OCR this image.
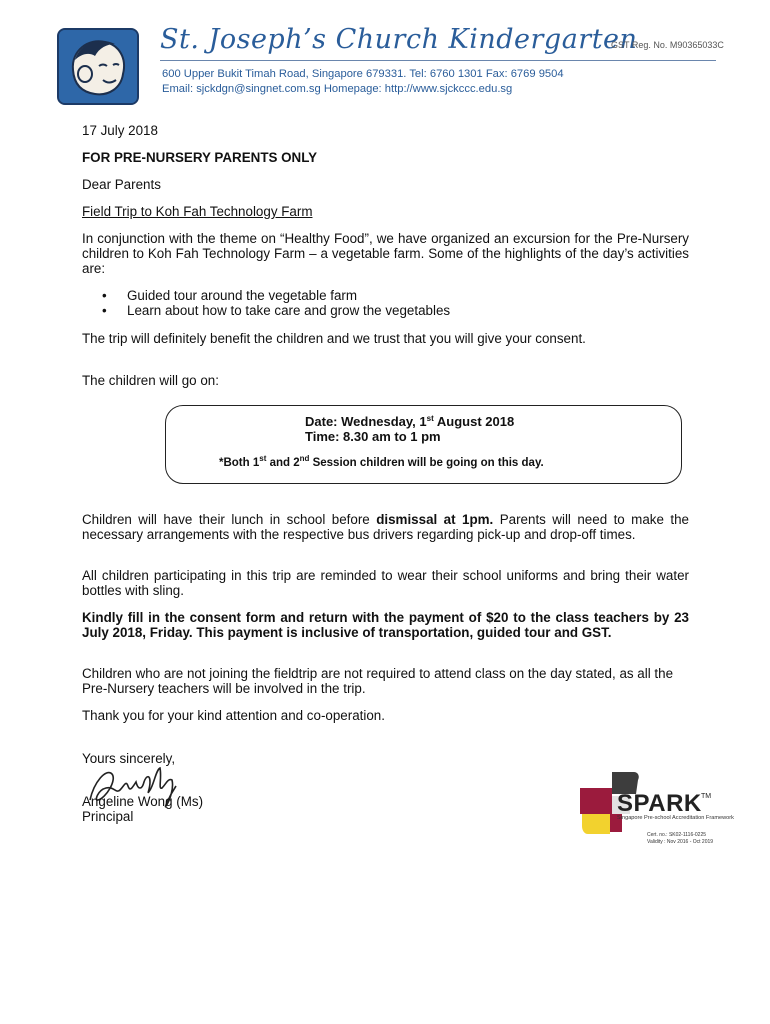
St. Joseph’s Church Kindergarten
GST Reg. No. M90365033C
600 Upper Bukit Timah Road, Singapore 679331. Tel: 6760 1301 Fax: 6769 9504
Email: sjckdgn@singnet.com.sg Homepage: http://www.sjckccc.edu.sg
17 July 2018
FOR PRE-NURSERY PARENTS ONLY
Dear Parents
Field Trip to Koh Fah Technology Farm
In conjunction with the theme on “Healthy Food”, we have organized an excursion for the Pre-Nursery children to Koh Fah Technology Farm – a vegetable farm. Some of the highlights of the day’s activities are:
• Guided tour around the vegetable farm
• Learn about how to take care and grow the vegetables
The trip will definitely benefit the children and we trust that you will give your consent.
The children will go on:
Date: Wednesday, 1st August 2018
Time: 8.30 am to 1 pm
*Both 1st and 2nd Session children will be going on this day.
Children will have their lunch in school before dismissal at 1pm. Parents will need to make the necessary arrangements with the respective bus drivers regarding pick-up and drop-off times.
All children participating in this trip are reminded to wear their school uniforms and bring their water bottles with sling.
Kindly fill in the consent form and return with the payment of $20 to the class teachers by 23 July 2018, Friday. This payment is inclusive of transportation, guided tour and GST.
Children who are not joining the fieldtrip are not required to attend class on the day stated, as all the Pre-Nursery teachers will be involved in the trip.
Thank you for your kind attention and co-operation.
Yours sincerely,
Angeline Wong (Ms)
Principal	SPARK TM
Singapore Pre-school Accreditation Framework
Cert. no.: SK02-1116-0225
Validity : Nov 2016 - Oct 2019
